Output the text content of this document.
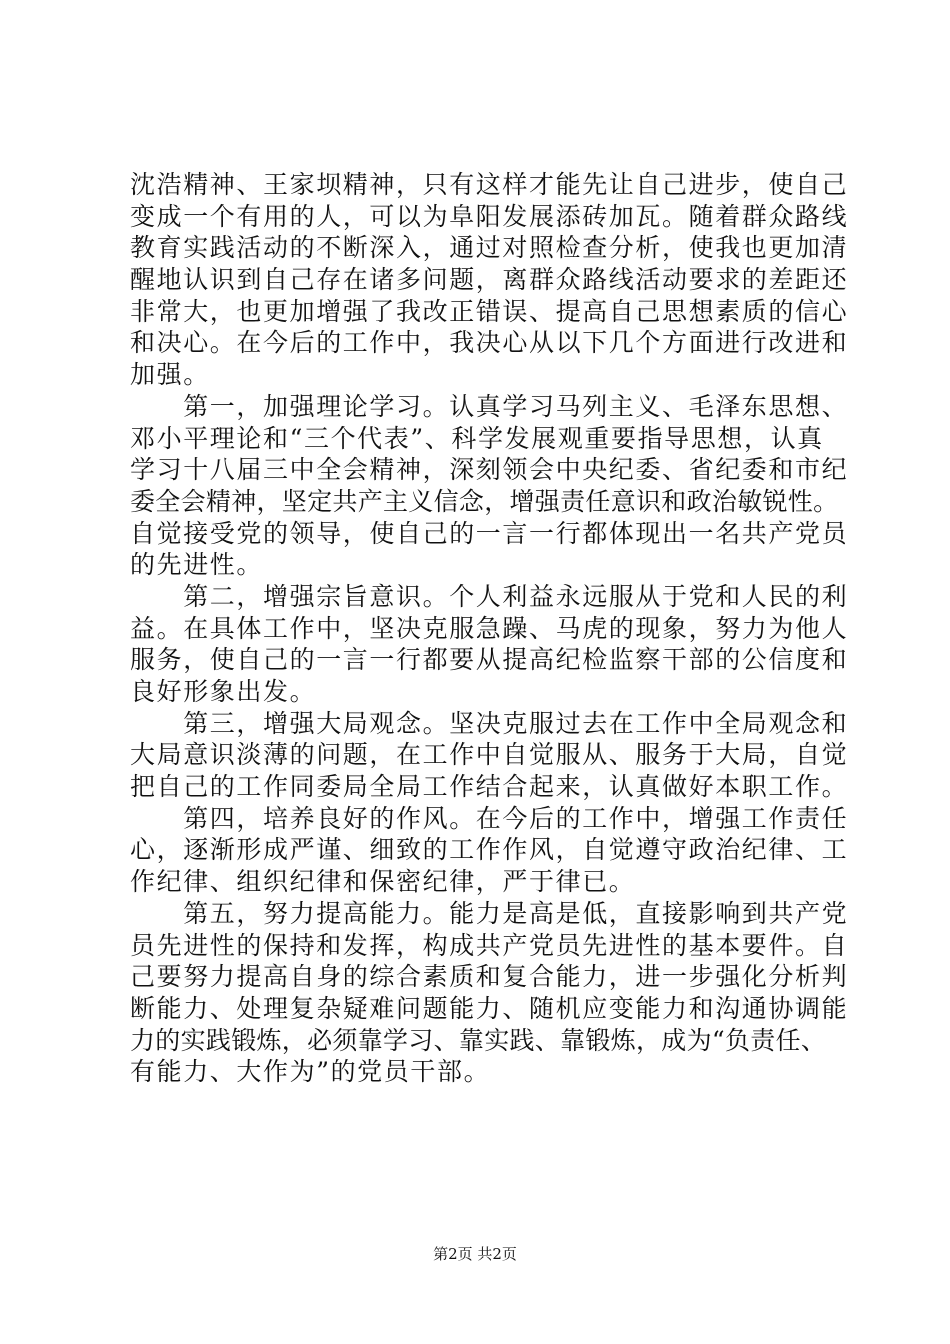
沈浩精神、王家坝精神，只有这样才能先让自己进步，使自己
变成一个有用的人，可以为阜阳发展添砖加瓦。随着群众路线
教育实践活动的不断深入，通过对照检查分析，使我也更加清
醒地认识到自己存在诸多问题，离群众路线活动要求的差距还
非常大，也更加增强了我改正错误、提高自己思想素质的信心
和决心。在今后的工作中，我决心从以下几个方面进行改进和
加强。
　　第一，加强理论学习。认真学习马列主义、毛泽东思想、
邓小平理论和“三个代表”、科学发展观重要指导思想，认真
学习十八届三中全会精神，深刻领会中央纪委、省纪委和市纪
委全会精神，坚定共产主义信念，增强责任意识和政治敏锐性。
自觉接受党的领导，使自己的一言一行都体现出一名共产党员
的先进性。
　　第二，增强宗旨意识。个人利益永远服从于党和人民的利
益。在具体工作中，坚决克服急躁、马虎的现象，努力为他人
服务，使自己的一言一行都要从提高纪检监察干部的公信度和
良好形象出发。
　　第三，增强大局观念。坚决克服过去在工作中全局观念和
大局意识淡薄的问题，在工作中自觉服从、服务于大局，自觉
把自己的工作同委局全局工作结合起来，认真做好本职工作。
　　第四，培养良好的作风。在今后的工作中，增强工作责任
心，逐渐形成严谨、细致的工作作风，自觉遵守政治纪律、工
作纪律、组织纪律和保密纪律，严于律已。
　　第五，努力提高能力。能力是高是低，直接影响到共产党
员先进性的保持和发挥，构成共产党员先进性的基本要件。自
己要努力提高自身的综合素质和复合能力，进一步强化分析判
断能力、处理复杂疑难问题能力、随机应变能力和沟通协调能
力的实践锻炼，必须靠学习、靠实践、靠锻炼，成为“负责任、
有能力、大作为”的党员干部。
第2页 共2页
